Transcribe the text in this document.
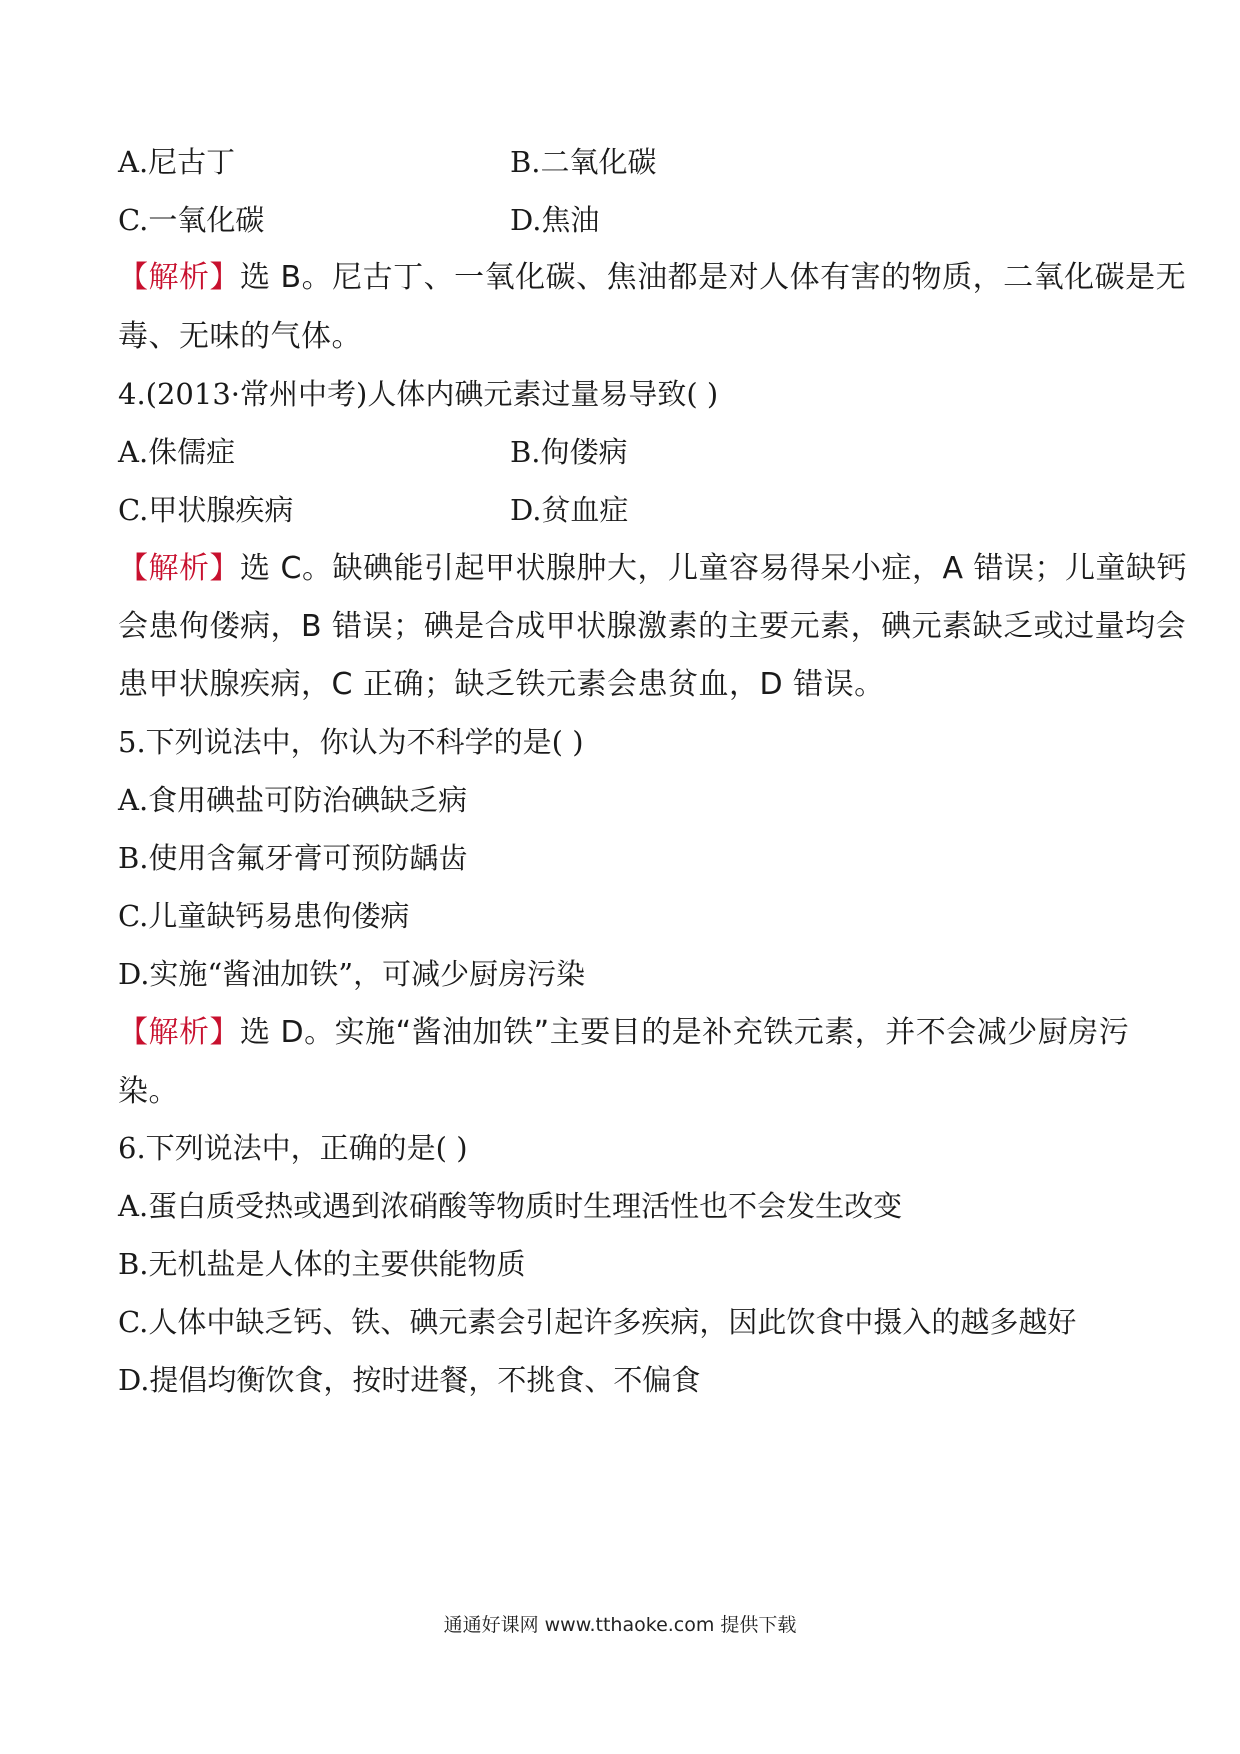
A.尼古丁	B.二氧化碳
C.一氧化碳	D.焦油
【解析】选 B。尼古丁、一氧化碳、焦油都是对人体有害的物质，二氧化碳是无
毒、无味的气体。
4.(2013·常州中考)人体内碘元素过量易导致( )
A.侏儒症	B.佝偻病
C.甲状腺疾病	D.贫血症
【解析】选 C。缺碘能引起甲状腺肿大，儿童容易得呆小症，A 错误；儿童缺钙
会患佝偻病，B 错误；碘是合成甲状腺激素的主要元素，碘元素缺乏或过量均会
患甲状腺疾病，C 正确；缺乏铁元素会患贫血，D 错误。
5.下列说法中，你认为不科学的是( )
A.食用碘盐可防治碘缺乏病
B.使用含氟牙膏可预防龋齿
C.儿童缺钙易患佝偻病
D.实施“酱油加铁”，可减少厨房污染
【解析】选 D。实施“酱油加铁”主要目的是补充铁元素，并不会减少厨房污
染。
6.下列说法中，正确的是( )
A.蛋白质受热或遇到浓硝酸等物质时生理活性也不会发生改变
B.无机盐是人体的主要供能物质
C.人体中缺乏钙、铁、碘元素会引起许多疾病，因此饮食中摄入的越多越好
D.提倡均衡饮食，按时进餐，不挑食、不偏食
通通好课网 www.tthaoke.com 提供下载
